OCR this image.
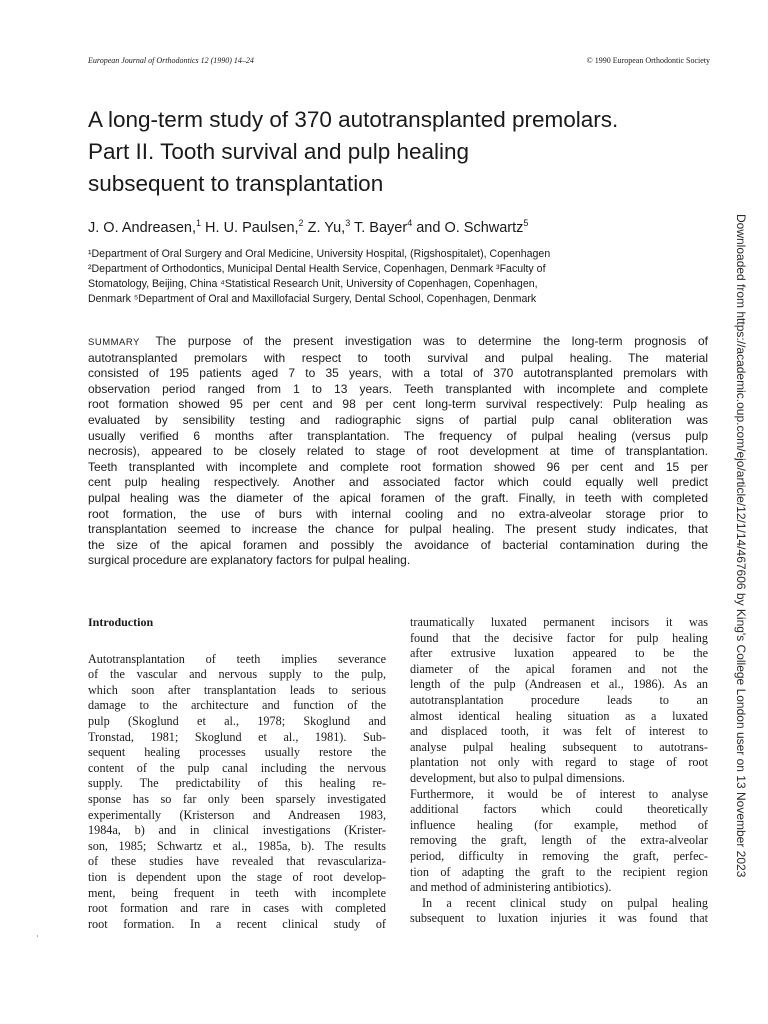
European Journal of Orthodontics 12 (1990) 14–24	© 1990 European Orthodontic Society
A long-term study of 370 autotransplanted premolars.
Part II. Tooth survival and pulp healing
subsequent to transplantation
J. O. Andreasen,$^1$ H. U. Paulsen,$^2$ Z. Yu,$^3$ T. Bayer$^4$ and O. Schwartz$^5$
¹Department of Oral Surgery and Oral Medicine, University Hospital, (Rigshospitalet), Copenhagen
²Department of Orthodontics, Municipal Dental Health Service, Copenhagen, Denmark ³Faculty of
Stomatology, Beijing, China ⁴Statistical Research Unit, University of Copenhagen, Copenhagen,
Denmark ⁵Department of Oral and Maxillofacial Surgery, Dental School, Copenhagen, Denmark
SUMMARY The purpose of the present investigation was to determine the long-term prognosis of
autotransplanted premolars with respect to tooth survival and pulpal healing. The material
consisted of 195 patients aged 7 to 35 years, with a total of 370 autotransplanted premolars with
observation period ranged from 1 to 13 years. Teeth transplanted with incomplete and complete
root formation showed 95 per cent and 98 per cent long-term survival respectively: Pulp healing as
evaluated by sensibility testing and radiographic signs of partial pulp canal obliteration was
usually verified 6 months after transplantation. The frequency of pulpal healing (versus pulp
necrosis), appeared to be closely related to stage of root development at time of transplantation.
Teeth transplanted with incomplete and complete root formation showed 96 per cent and 15 per
cent pulp healing respectively. Another and associated factor which could equally well predict
pulpal healing was the diameter of the apical foramen of the graft. Finally, in teeth with completed
root formation, the use of burs with internal cooling and no extra-alveolar storage prior to
transplantation seemed to increase the chance for pulpal healing. The present study indicates, that
the size of the apical foramen and possibly the avoidance of bacterial contamination during the
surgical procedure are explanatory factors for pulpal healing.
Introduction
Autotransplantation of teeth implies severance
of the vascular and nervous supply to the pulp,
which soon after transplantation leads to serious
damage to the architecture and function of the
pulp (Skoglund et al., 1978; Skoglund and
Tronstad, 1981; Skoglund et al., 1981). Sub-
sequent healing processes usually restore the
content of the pulp canal including the nervous
supply. The predictability of this healing re-
sponse has so far only been sparsely investigated
experimentally (Kristerson and Andreasen 1983,
1984a, b) and in clinical investigations (Krister-
son, 1985; Schwartz et al., 1985a, b). The results
of these studies have revealed that revasculariza-
tion is dependent upon the stage of root develop-
ment, being frequent in teeth with incomplete
root formation and rare in cases with completed
root formation. In a recent clinical study of
traumatically luxated permanent incisors it was
found that the decisive factor for pulp healing
after extrusive luxation appeared to be the
diameter of the apical foramen and not the
length of the pulp (Andreasen et al., 1986). As an
autotransplantation procedure leads to an
almost identical healing situation as a luxated
and displaced tooth, it was felt of interest to
analyse pulpal healing subsequent to autotrans-
plantation not only with regard to stage of root
development, but also to pulpal dimensions.
Furthermore, it would be of interest to analyse
additional factors which could theoretically
influence healing (for example, method of
removing the graft, length of the extra-alveolar
period, difficulty in removing the graft, perfec-
tion of adapting the graft to the recipient region
and method of administering antibiotics).
In a recent clinical study on pulpal healing
subsequent to luxation injuries it was found that
Downloaded from https://academic.oup.com/ejo/article/12/1/14/467606 by King's College London user on 13 November 2023
·
